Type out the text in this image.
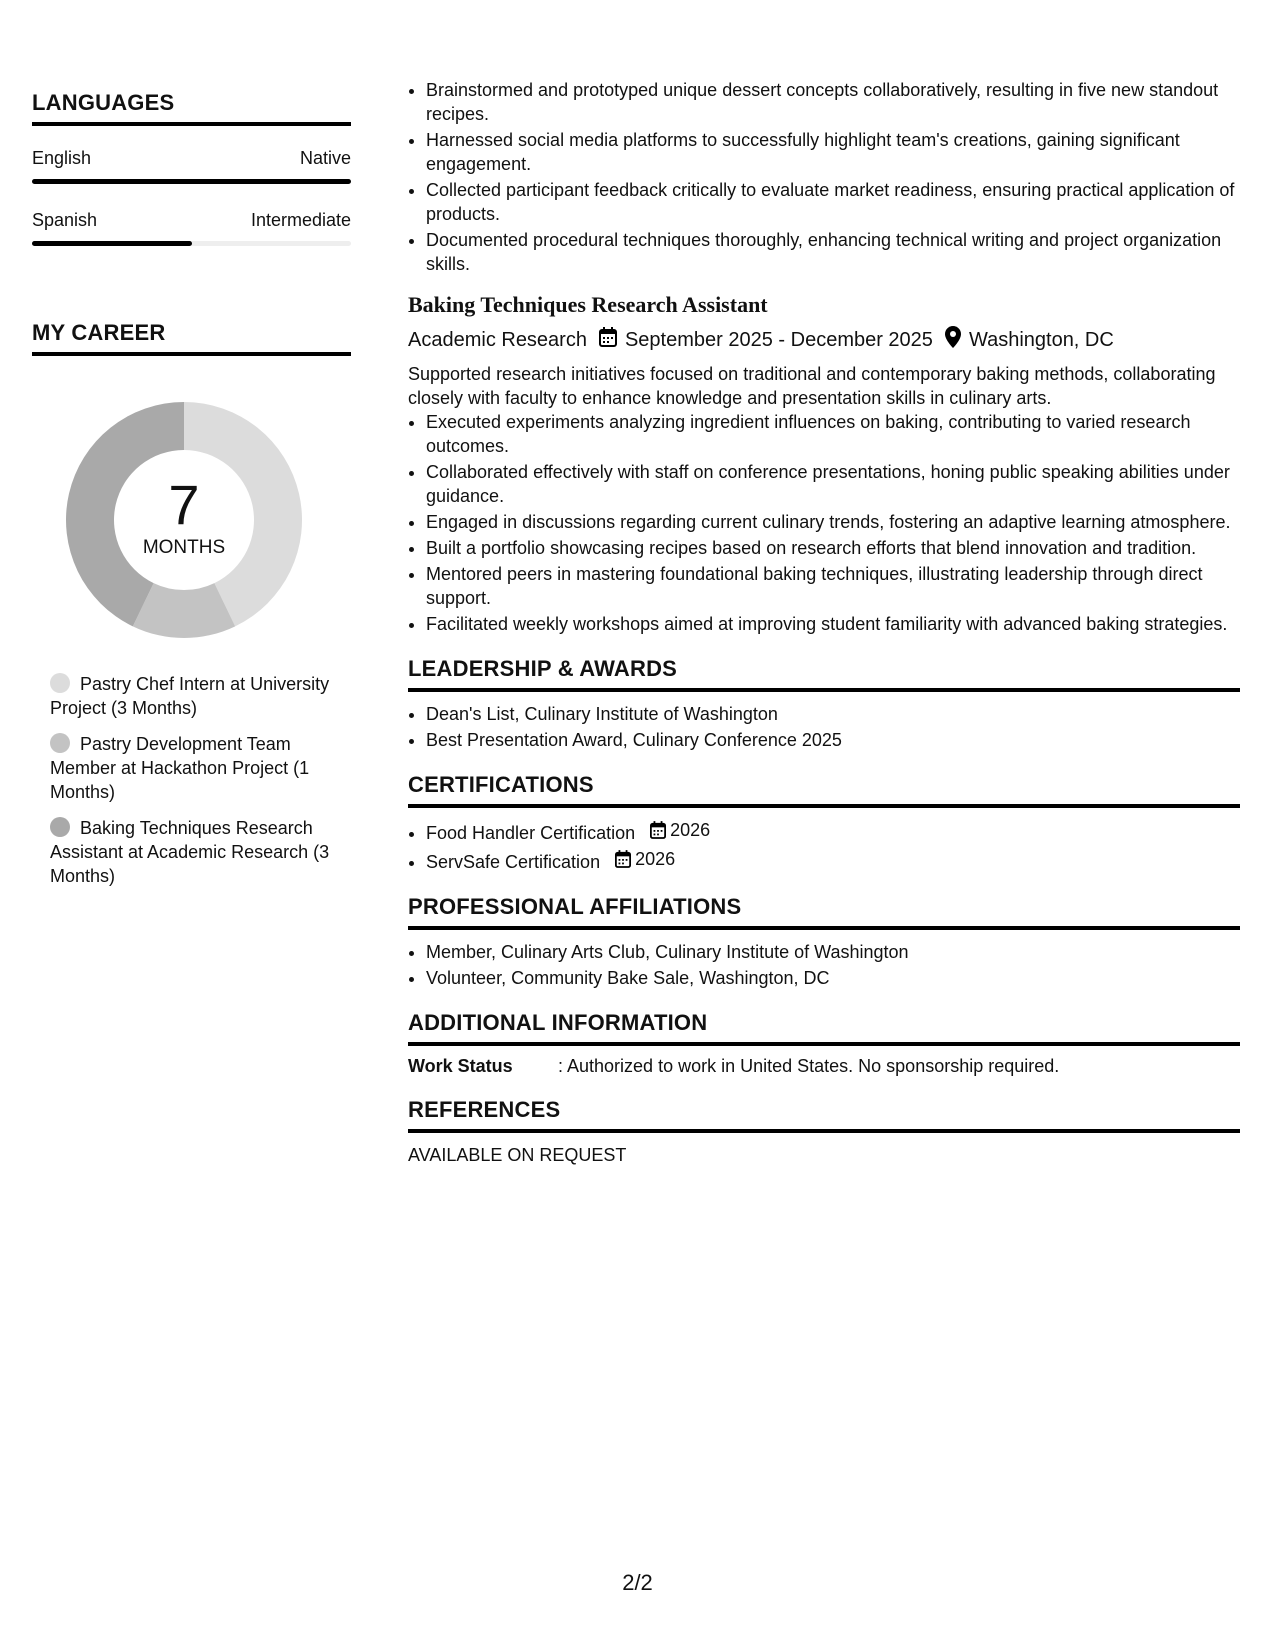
LANGUAGES
English	Native
Spanish	Intermediate
MY CAREER
7
MONTHS
Pastry Chef Intern at University Project (3 Months)
Pastry Development Team Member at Hackathon Project (1 Months)
Baking Techniques Research Assistant at Academic Research (3 Months)
• Brainstormed and prototyped unique dessert concepts collaboratively, resulting in five new standout recipes.
• Harnessed social media platforms to successfully highlight team's creations, gaining significant engagement.
• Collected participant feedback critically to evaluate market readiness, ensuring practical application of products.
• Documented procedural techniques thoroughly, enhancing technical writing and project organization skills.
Baking Techniques Research Assistant
Academic Research September 2025 - December 2025 Washington, DC
Supported research initiatives focused on traditional and contemporary baking methods, collaborating closely with faculty to enhance knowledge and presentation skills in culinary arts.
• Executed experiments analyzing ingredient influences on baking, contributing to varied research outcomes.
• Collaborated effectively with staff on conference presentations, honing public speaking abilities under guidance.
• Engaged in discussions regarding current culinary trends, fostering an adaptive learning atmosphere.
• Built a portfolio showcasing recipes based on research efforts that blend innovation and tradition.
• Mentored peers in mastering foundational baking techniques, illustrating leadership through direct support.
• Facilitated weekly workshops aimed at improving student familiarity with advanced baking strategies.
LEADERSHIP & AWARDS
• Dean's List, Culinary Institute of Washington
• Best Presentation Award, Culinary Conference 2025
CERTIFICATIONS
• Food Handler Certification 2026
• ServSafe Certification 2026
PROFESSIONAL AFFILIATIONS
• Member, Culinary Arts Club, Culinary Institute of Washington
• Volunteer, Community Bake Sale, Washington, DC
ADDITIONAL INFORMATION
Work Status	: Authorized to work in United States. No sponsorship required.
REFERENCES
AVAILABLE ON REQUEST
2/2
